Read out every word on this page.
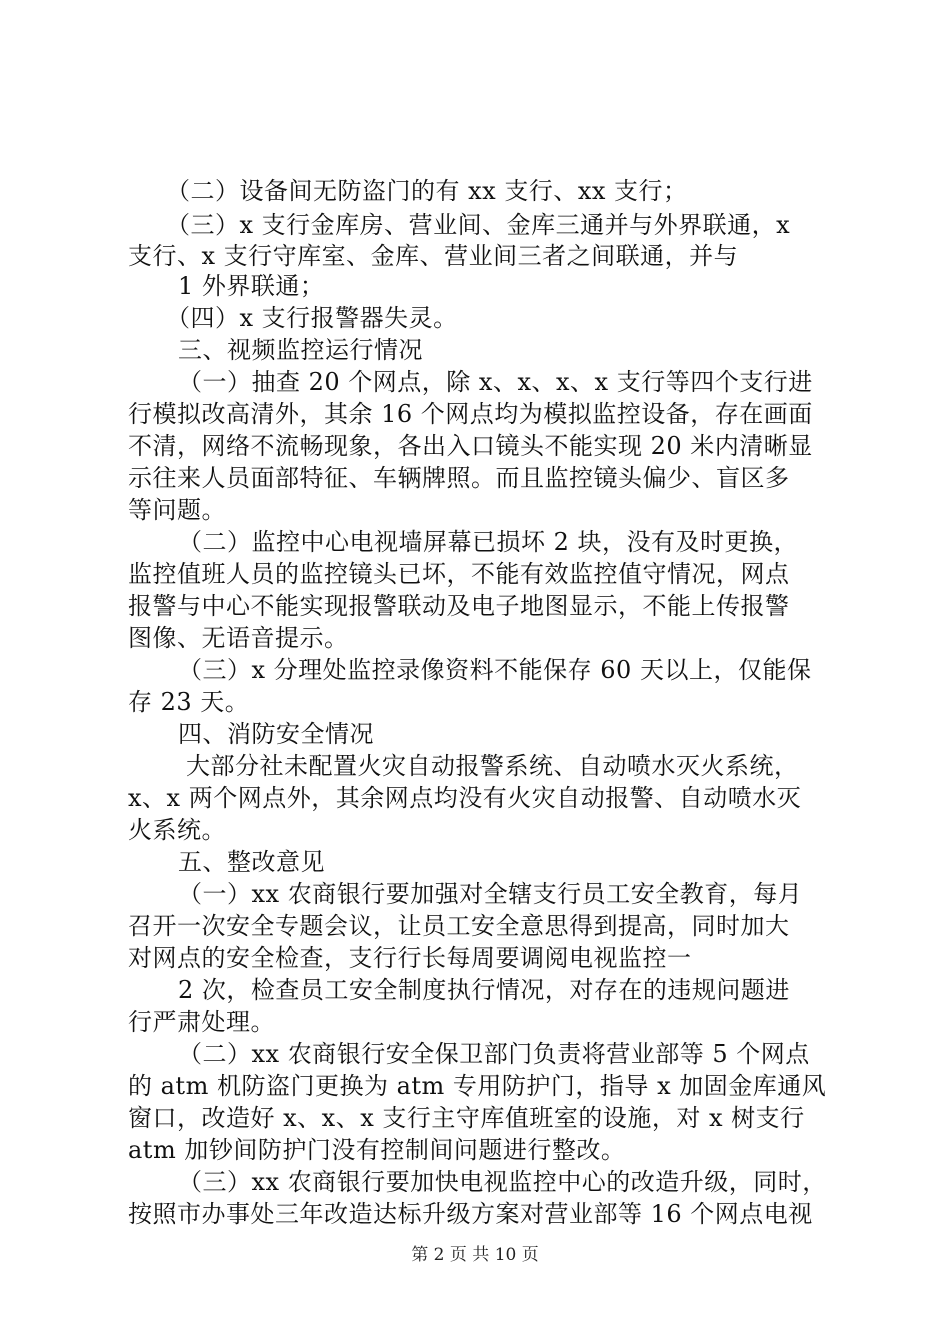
（二）设备间无防盗门的有 xx 支行、xx 支行；
（三）x 支行金库房、营业间、金库三通并与外界联通，x
支行、x 支行守库室、金库、营业间三者之间联通，并与
1 外界联通；
（四）x 支行报警器失灵。
三、视频监控运行情况
（一）抽查 20 个网点，除 x、x、x、x 支行等四个支行进
行模拟改高清外，其余 16 个网点均为模拟监控设备，存在画面
不清，网络不流畅现象，各出入口镜头不能实现 20 米内清晰显
示往来人员面部特征、车辆牌照。而且监控镜头偏少、盲区多
等问题。
（二）监控中心电视墙屏幕已损坏 2 块，没有及时更换，
监控值班人员的监控镜头已坏，不能有效监控值守情况，网点
报警与中心不能实现报警联动及电子地图显示，不能上传报警
图像、无语音提示。
（三）x 分理处监控录像资料不能保存 60 天以上，仅能保
存 23 天。
四、消防安全情况
大部分社未配置火灾自动报警系统、自动喷水灭火系统，
x、x 两个网点外，其余网点均没有火灾自动报警、自动喷水灭
火系统。
五、整改意见
（一）xx 农商银行要加强对全辖支行员工安全教育，每月
召开一次安全专题会议，让员工安全意思得到提高，同时加大
对网点的安全检查，支行行长每周要调阅电视监控一
2 次，检查员工安全制度执行情况，对存在的违规问题进
行严肃处理。
（二）xx 农商银行安全保卫部门负责将营业部等 5 个网点
的 atm 机防盗门更换为 atm 专用防护门，指导 x 加固金库通风
窗口，改造好 x、x、x 支行主守库值班室的设施，对 x 树支行
atm 加钞间防护门没有控制间问题进行整改。
（三）xx 农商银行要加快电视监控中心的改造升级，同时，
按照市办事处三年改造达标升级方案对营业部等 16 个网点电视
第 2 页 共 10 页
